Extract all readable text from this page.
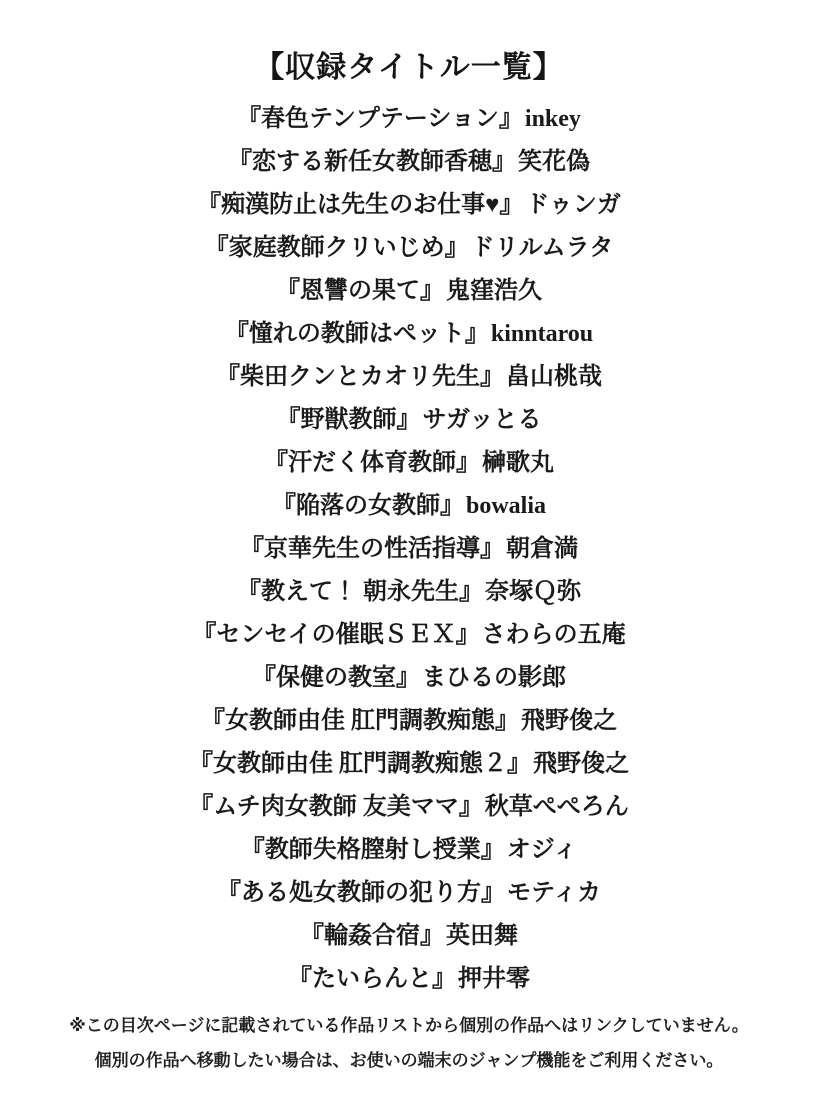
【収録タイトル一覧】
『春色テンプテーション』inkey
『恋する新任女教師香穂』笑花偽
『痴漢防止は先生のお仕事♥』ドゥンガ
『家庭教師クリいじめ』ドリルムラタ
『恩讐の果て』鬼窪浩久
『憧れの教師はペット』kinntarou
『柴田クンとカオリ先生』畠山桃哉
『野獣教師』サガッとる
『汗だく体育教師』榊歌丸
『陥落の女教師』bowalia
『京華先生の性活指導』朝倉満
『教えて！ 朝永先生』奈塚Ｑ弥
『センセイの催眠ＳＥＸ』さわらの五庵
『保健の教室』まひるの影郎
『女教師由佳 肛門調教痴態』飛野俊之
『女教師由佳 肛門調教痴態２』飛野俊之
『ムチ肉女教師 友美ママ』秋草ぺぺろん
『教師失格膣射し授業』オジィ
『ある処女教師の犯り方』モティカ
『輪姦合宿』英田舞
『たいらんと』押井零

※この目次ページに記載されている作品リストから個別の作品へはリンクしていません。

個別の作品へ移動したい場合は、お使いの端末のジャンプ機能をご利用ください。
